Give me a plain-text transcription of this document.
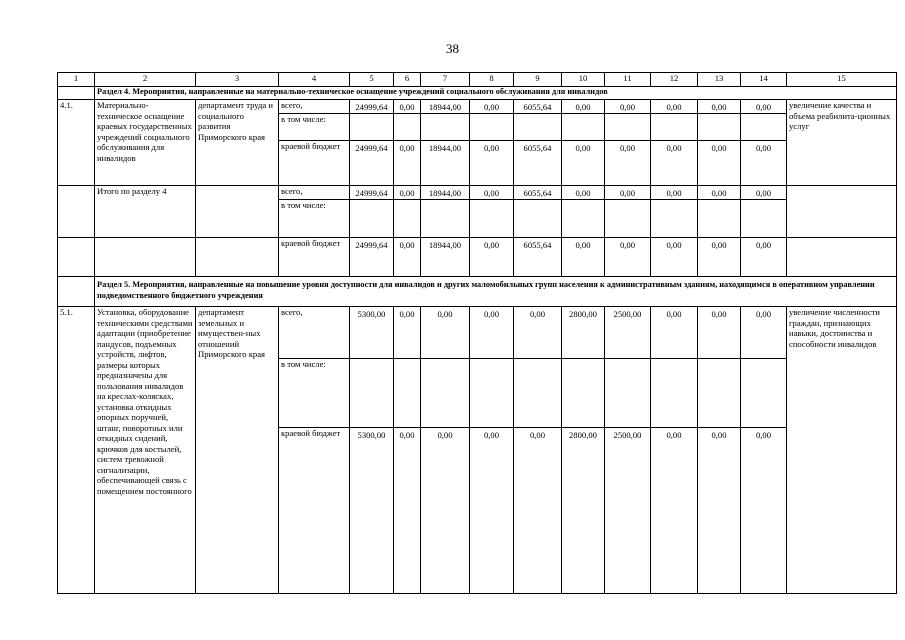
38
1	2	3	4	5	6	7	8	9	10	11	12	13	14	15
	Раздел 4. Мероприятия, направленные на материально-техническое оснащение учреждений социального обслуживания для инвалидов													
4.1.	Материально-техническое оснащение краевых государственных учреждений социального обслуживания для инвалидов	департамент труда и социального развития Приморского края	всего,	24999,64	0,00	18944,00	0,00	6055,64	0,00	0,00	0,00	0,00	0,00	увеличение качества и объема реабилита-ционных услуг
			в том числе:											
			краевой бюджет	24999,64	0,00	18944,00	0,00	6055,64	0,00	0,00	0,00	0,00	0,00	
	Итого по разделу 4		всего,	24999,64	0,00	18944,00	0,00	6055,64	0,00	0,00	0,00	0,00	0,00	
			в том числе:											
			краевой бюджет	24999,64	0,00	18944,00	0,00	6055,64	0,00	0,00	0,00	0,00	0,00	
	Раздел 5. Мероприятия, направленные на повышение уровня доступности для инвалидов и других маломобильных групп населения к административным зданиям, находящимся в оперативном управлении подведомственного бюджетного учреждения													
5.1.	Установка, оборудование техническими средствами адаптации (приобретение пандусов, подъемных устройств, лифтов, размеры которых предназначены для пользования инвалидов на креслах-колясках, установка откидных опорных поручней, штанг, поворотных или откидных сидений, крючков для костылей, систем тревожной сигнализации, обеспечивающей связь с помещением постоянного	департамент земельных и имуществен-ных отношений Приморского края	всего,	5300,00	0,00	0,00	0,00	0,00	2800,00	2500,00	0,00	0,00	0,00	увеличение численности граждан, признающих навыки, достоинства и способности инвалидов
			в том числе:											
			краевой бюджет	5300,00	0,00	0,00	0,00	0,00	2800,00	2500,00	0,00	0,00	0,00	
